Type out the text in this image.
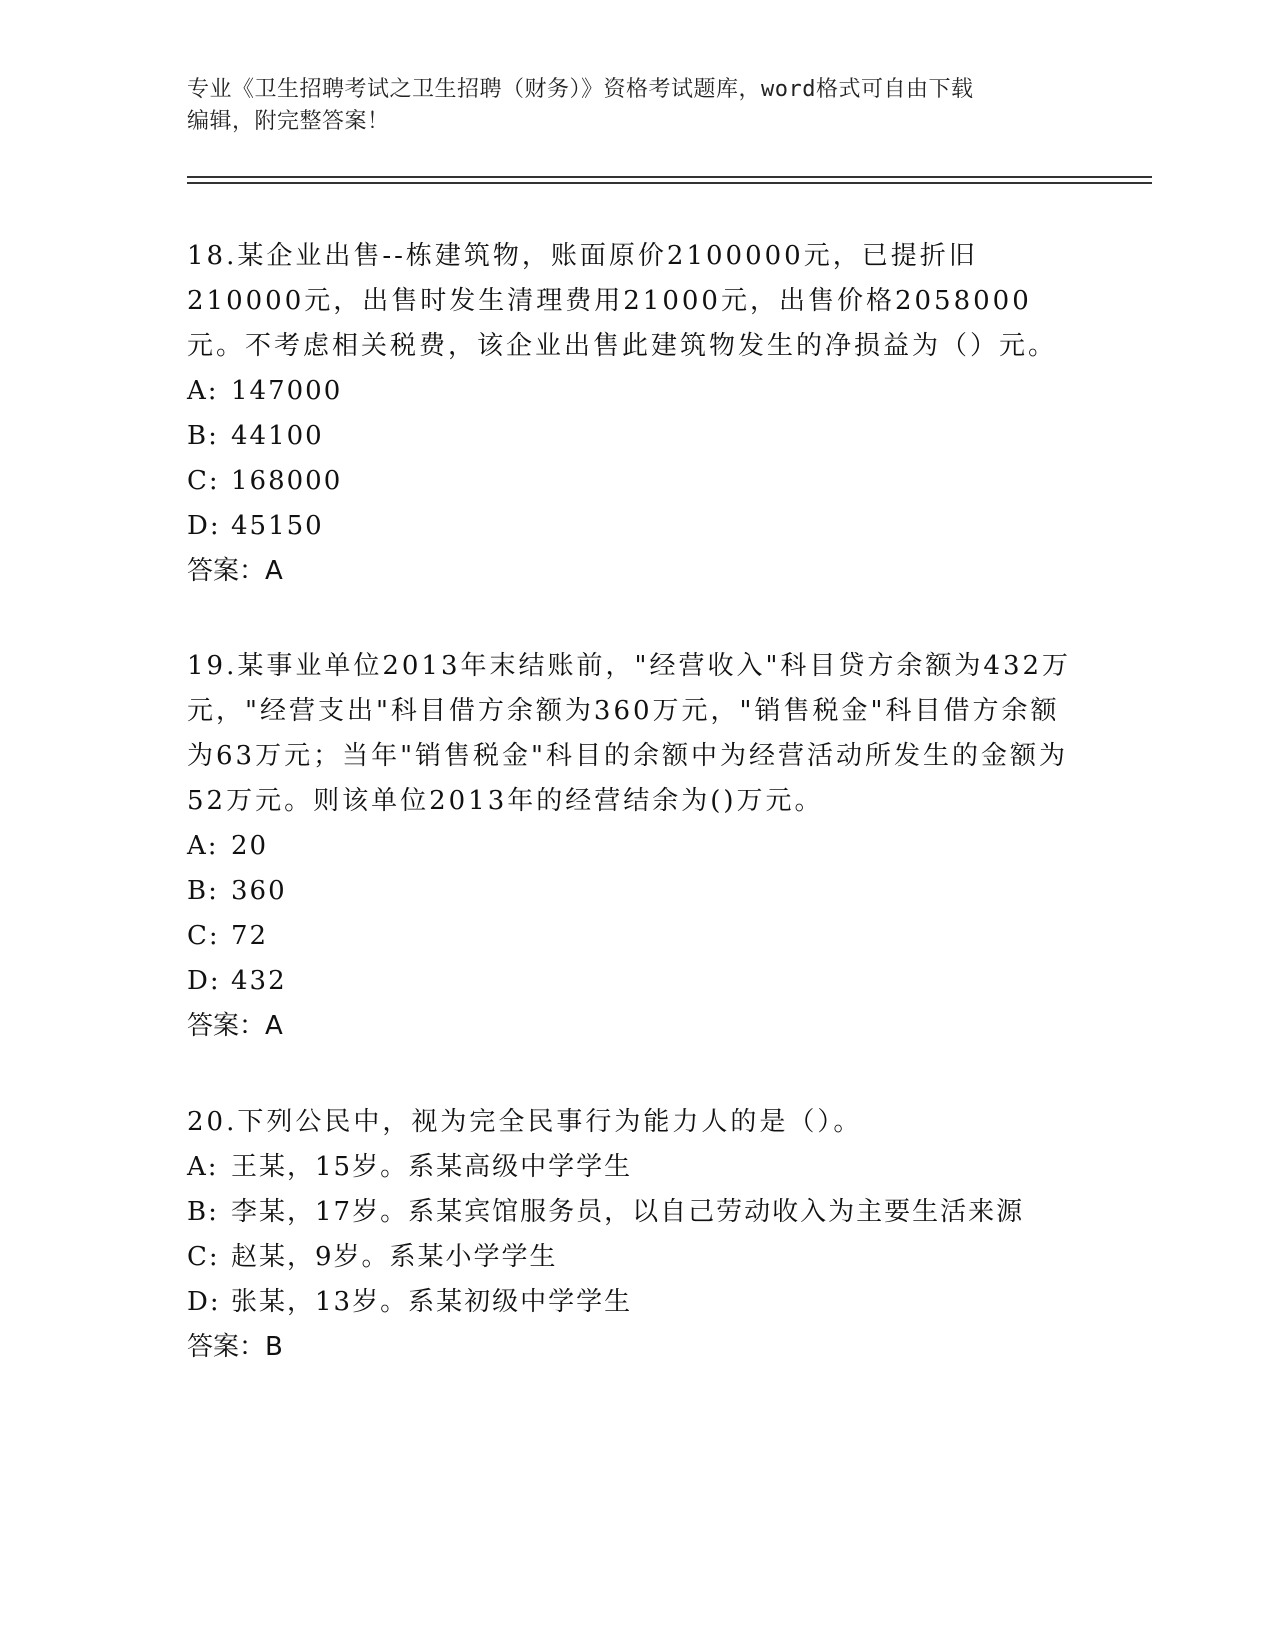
专业《卫生招聘考试之卫生招聘（财务）》资格考试题库，word格式可自由下载
编辑，附完整答案！

18.某企业出售--栋建筑物，账面原价2100000元，已提折旧210000元，出售时发生清理费用21000元，出售价格2058000元。不考虑相关税费，该企业出售此建筑物发生的净损益为（）元。

A: 147000

B: 44100

C: 168000

D: 45150

答案：A

19.某事业单位2013年末结账前，"经营收入"科目贷方余额为432万元，"经营支出"科目借方余额为360万元，"销售税金"科目借方余额为63万元；当年"销售税金"科目的余额中为经营活动所发生的金额为52万元。则该单位2013年的经营结余为()万元。

A: 20

B: 360

C: 72

D: 432

答案：A

20.下列公民中，视为完全民事行为能力人的是（）。

A: 王某，15岁。系某高级中学学生

B: 李某，17岁。系某宾馆服务员，以自己劳动收入为主要生活来源

C: 赵某，9岁。系某小学学生

D: 张某，13岁。系某初级中学学生

答案：B
